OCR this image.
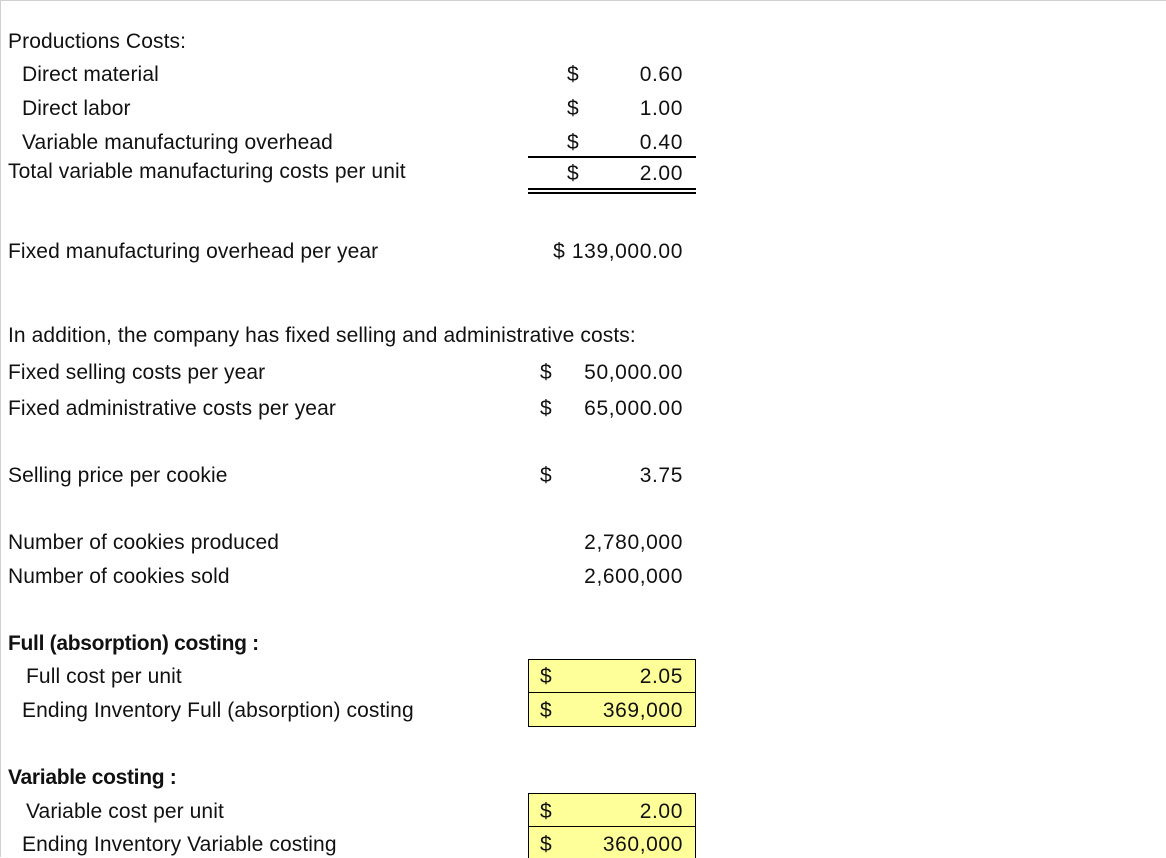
Productions Costs:
Direct material	$	0.60
Direct labor	$	1.00
Variable manufacturing overhead	$	0.40
Total variable manufacturing costs per unit	$	2.00
Fixed manufacturing overhead per year	$ 139,000.00
In addition, the company has fixed selling and administrative costs:
Fixed selling costs per year	$	50,000.00
Fixed administrative costs per year	$	65,000.00
Selling price per cookie	$	3.75
Number of cookies produced	2,780,000
Number of cookies sold	2,600,000
Full (absorption) costing :
Full cost per unit	$	2.05
Ending Inventory Full (absorption) costing	$	369,000
Variable costing :
Variable cost per unit	$	2.00
Ending Inventory Variable costing	$	360,000
